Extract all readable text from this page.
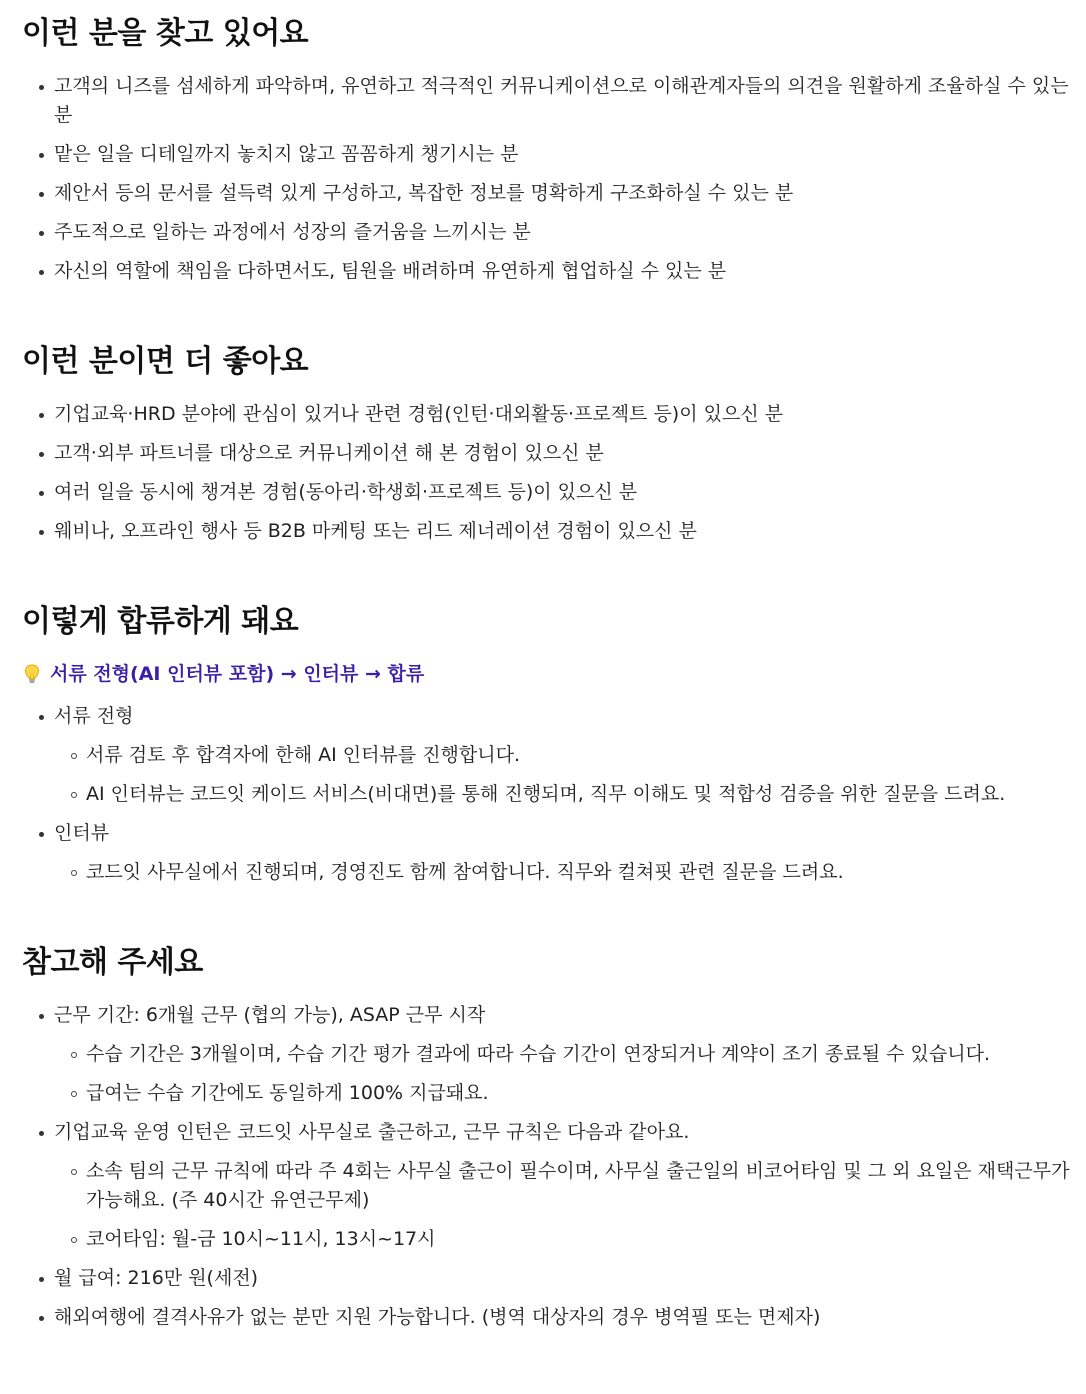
이런 분을 찾고 있어요
고객의 니즈를 섬세하게 파악하며, 유연하고 적극적인 커뮤니케이션으로 이해관계자들의 의견을 원활하게 조율하실 수 있는 분
맡은 일을 디테일까지 놓치지 않고 꼼꼼하게 챙기시는 분
제안서 등의 문서를 설득력 있게 구성하고, 복잡한 정보를 명확하게 구조화하실 수 있는 분
주도적으로 일하는 과정에서 성장의 즐거움을 느끼시는 분
자신의 역할에 책임을 다하면서도, 팀원을 배려하며 유연하게 협업하실 수 있는 분
이런 분이면 더 좋아요
기업교육·HRD 분야에 관심이 있거나 관련 경험(인턴·대외활동·프로젝트 등)이 있으신 분
고객·외부 파트너를 대상으로 커뮤니케이션 해 본 경험이 있으신 분
여러 일을 동시에 챙겨본 경험(동아리·학생회·프로젝트 등)이 있으신 분
웨비나, 오프라인 행사 등 B2B 마케팅 또는 리드 제너레이션 경험이 있으신 분
이렇게 합류하게 돼요
서류 전형(AI 인터뷰 포함) → 인터뷰 → 합류
서류 전형
서류 검토 후 합격자에 한해 AI 인터뷰를 진행합니다.
AI 인터뷰는 코드잇 케이드 서비스(비대면)를 통해 진행되며, 직무 이해도 및 적합성 검증을 위한 질문을 드려요.
인터뷰
코드잇 사무실에서 진행되며, 경영진도 함께 참여합니다. 직무와 컬쳐핏 관련 질문을 드려요.
참고해 주세요
근무 기간: 6개월 근무 (협의 가능), ASAP 근무 시작
수습 기간은 3개월이며, 수습 기간 평가 결과에 따라 수습 기간이 연장되거나 계약이 조기 종료될 수 있습니다.
급여는 수습 기간에도 동일하게 100% 지급돼요.
기업교육 운영 인턴은 코드잇 사무실로 출근하고, 근무 규칙은 다음과 같아요.
소속 팀의 근무 규칙에 따라 주 4회는 사무실 출근이 필수이며, 사무실 출근일의 비코어타임 및 그 외 요일은 재택근무가 가능해요. (주 40시간 유연근무제)
코어타임: 월-금 10시~11시, 13시~17시
월 급여: 216만 원(세전)
해외여행에 결격사유가 없는 분만 지원 가능합니다. (병역 대상자의 경우 병역필 또는 면제자)
